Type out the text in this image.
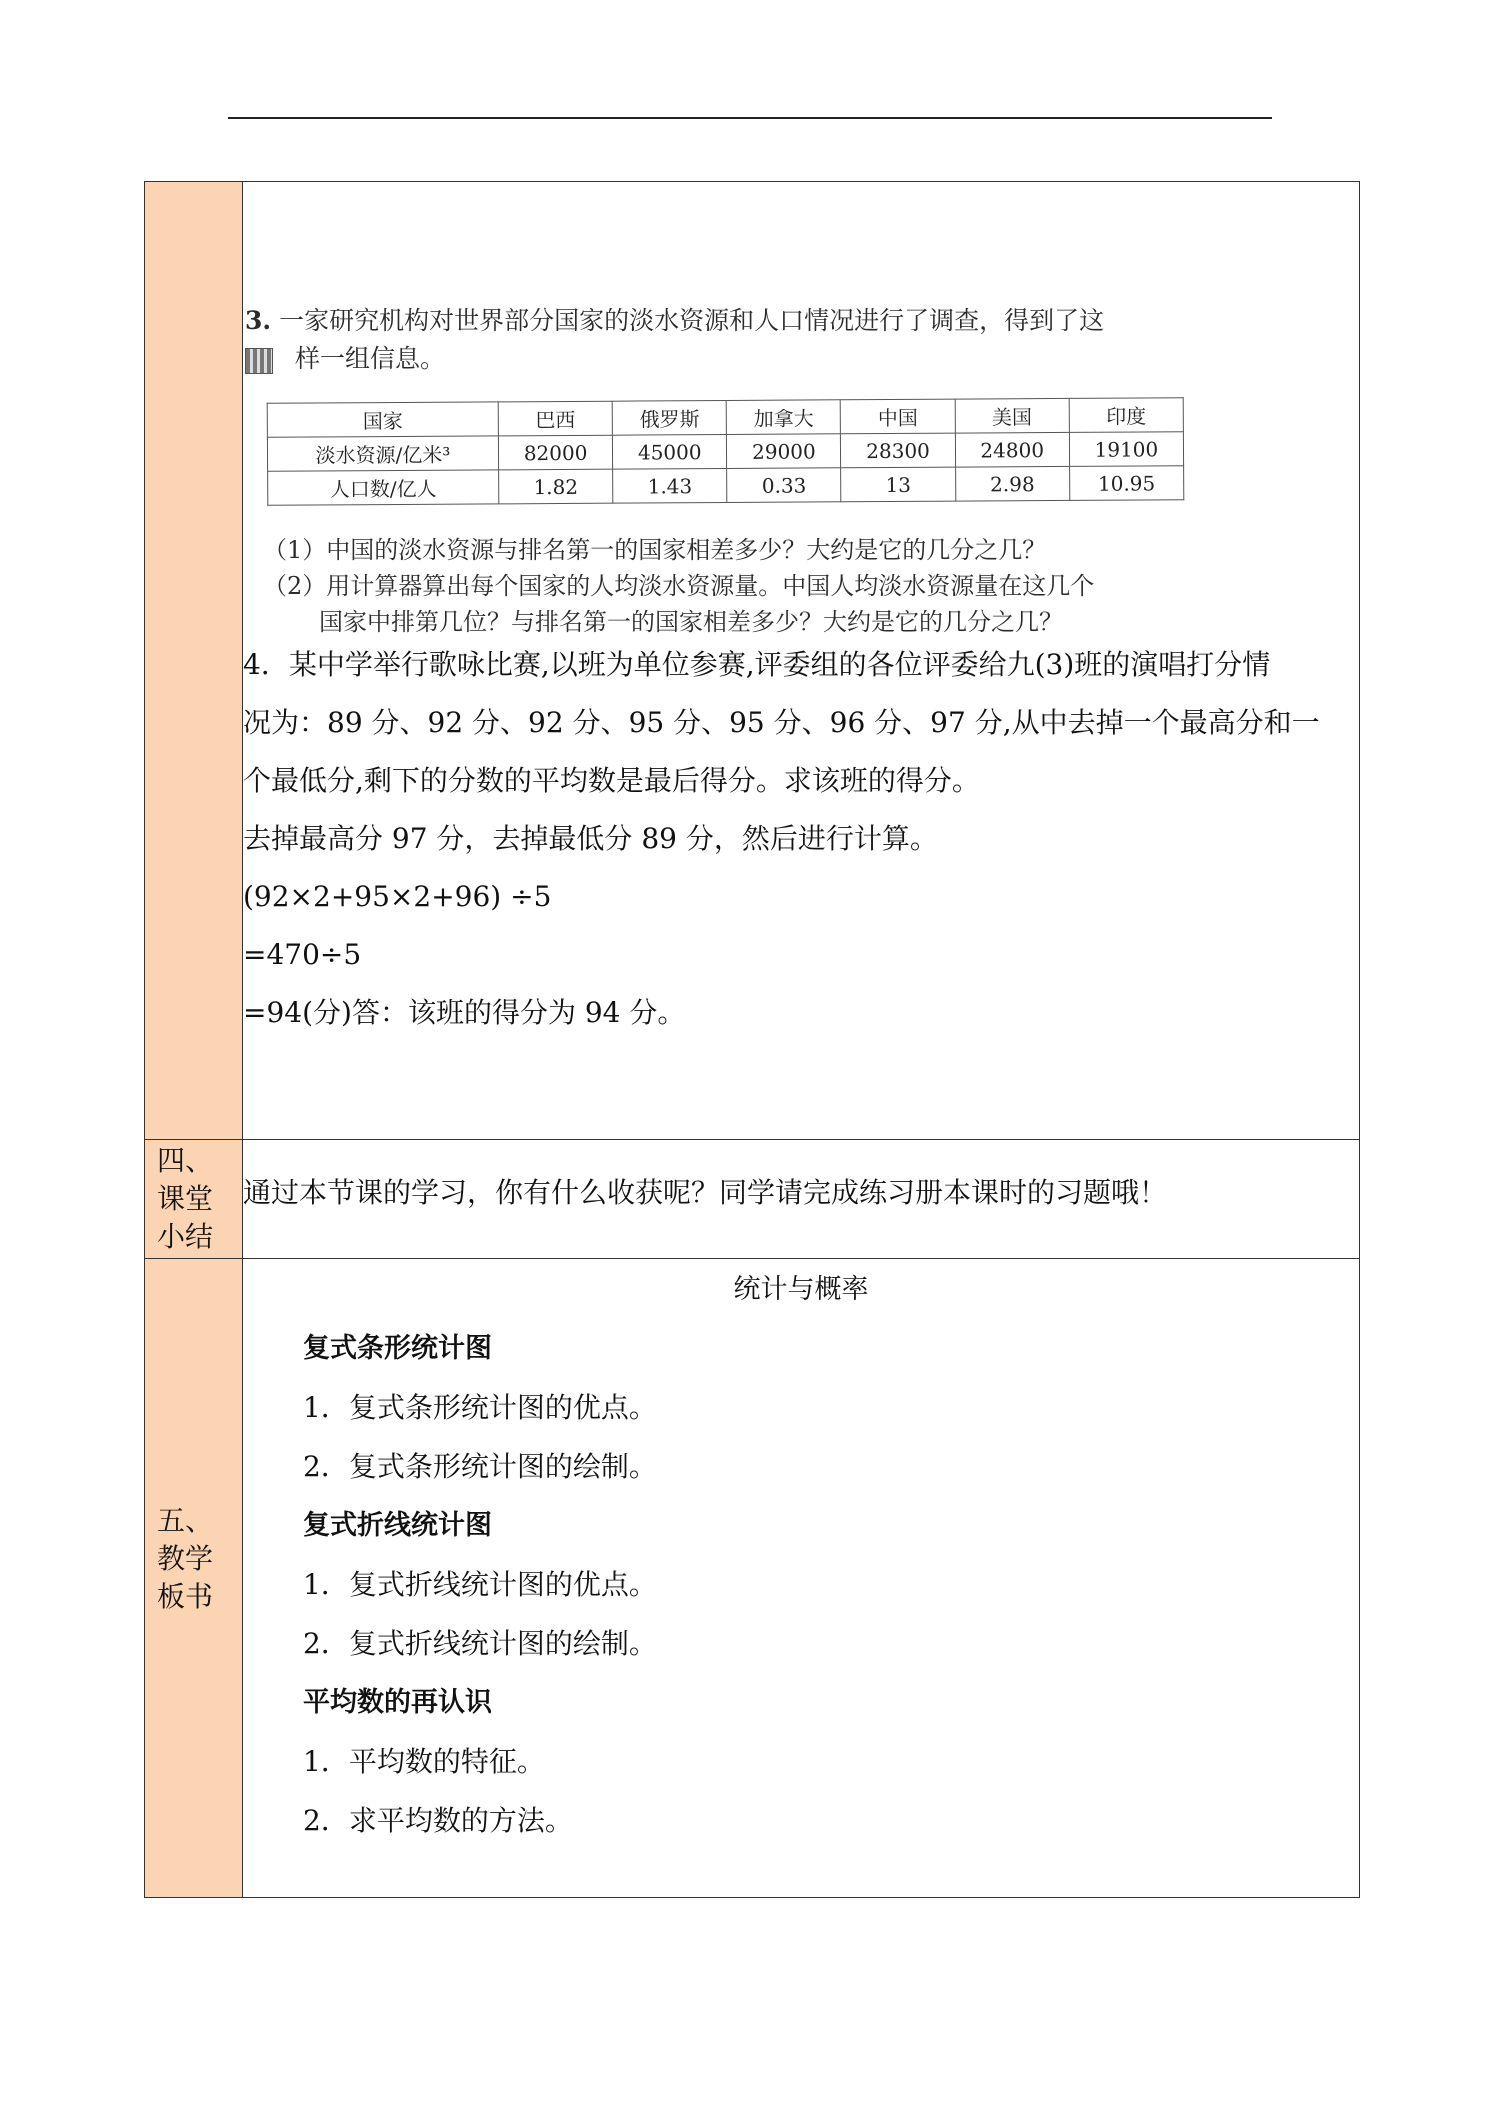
3. 一家研究机构对世界部分国家的淡水资源和人口情况进行了调查，得到了这
样一组信息。
国家	巴西	俄罗斯	加拿大	中国	美国	印度
淡水资源/亿米³	82000	45000	29000	28300	24800	19100
人口数/亿人	1.82	1.43	0.33	13	2.98	10.95
（1）中国的淡水资源与排名第一的国家相差多少？大约是它的几分之几？
（2）用计算器算出每个国家的人均淡水资源量。中国人均淡水资源量在这几个
国家中排第几位？与排名第一的国家相差多少？大约是它的几分之几？

4．某中学举行歌咏比赛,以班为单位参赛,评委组的各位评委给九(3)班的演唱打分情

况为：89 分、92 分、92 分、95 分、95 分、96 分、97 分,从中去掉一个最高分和一

个最低分,剩下的分数的平均数是最后得分。求该班的得分。

去掉最高分 97 分，去掉最低分 89 分，然后进行计算。

(92×2+95×2+96) ÷5

=470÷5

=94(分)答：该班的得分为 94 分。

四、
课堂
小结

通过本节课的学习，你有什么收获呢？同学请完成练习册本课时的习题哦！

五、
教学
板书

统计与概率
复式条形统计图
1．复式条形统计图的优点。
2．复式条形统计图的绘制。
复式折线统计图
1．复式折线统计图的优点。
2．复式折线统计图的绘制。
平均数的再认识
1．平均数的特征。
2．求平均数的方法。
